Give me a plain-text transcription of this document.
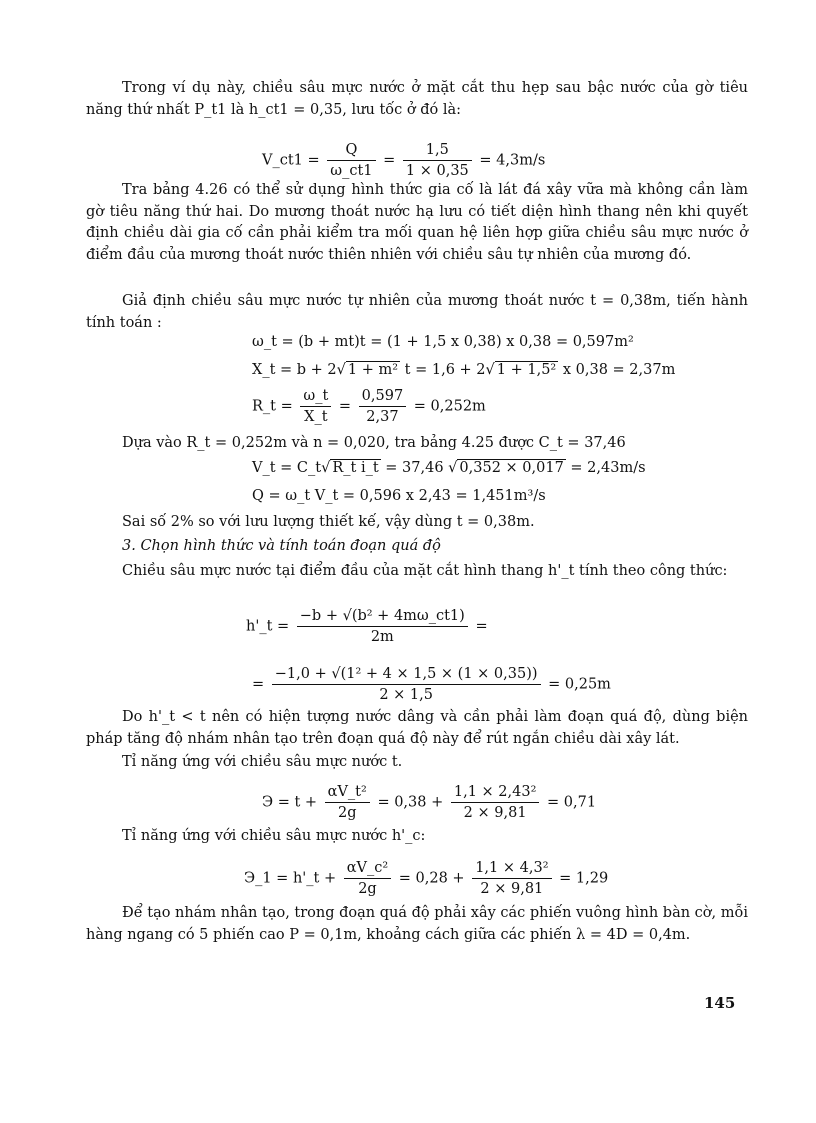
Trong ví dụ này, chiều sâu mực nước ở mặt cắt thu hẹp sau bậc nước của gờ tiêu năng thứ nhất P_t1 là h_ct1 = 0,35, lưu tốc ở đó là:

V_ct1 = $\frac{Q}{\omega\_ct1} = \frac{1,5}{1 \times 0,35} = 4,3m/s$

Tra bảng 4.26 có thể sử dụng hình thức gia cố là lát đá xây vữa mà không cần làm gờ tiêu năng thứ hai. Do mương thoát nước hạ lưu có tiết diện hình thang nên khi quyết định chiều dài gia cố cần phải kiểm tra mối quan hệ liên hợp giữa chiều sâu mực nước ở điểm đầu của mương thoát nước thiên nhiên với chiều sâu tự nhiên của mương đó.

Giả định chiều sâu mực nước tự nhiên của mương thoát nước t = 0,38m, tiến hành tính toán :

ω_t = (b + mt)t = (1 + 1,5 x 0,38) x 0,38 = 0,597m²
X_t = b + 2√ 1 + m² t = 1,6 + 2√ 1 + 1,5² x 0,38 = 2,37m
R_t = $\frac{\omega\_t}{X\_t} = \frac{0,597}{2,37} = 0,252m$

Dựa vào R_t = 0,252m và n = 0,020, tra bảng 4.25 được C_t = 37,46

V_t = C_t√ R_t i_t = 37,46 √ 0,352 × 0,017 = 2,43m/s
Q = ω_t V_t = 0,596 x 2,43 = 1,451m³/s

Sai số 2% so với lưu lượng thiết kế, vậy dùng t = 0,38m.

3. Chọn hình thức và tính toán đoạn quá độ

Chiều sâu mực nước tại điểm đầu của mặt cắt hình thang h'_t tính theo công thức:

h'_t = $\frac{\text{−b + √(b² + 4mω\_ct1)}}{2m}$ =
= $\frac{\text{−1,0 + √(1² + 4 × 1,5 × (1 × 0,35))}}{2 \times 1,5} = 0,25m$

Do h'_t < t nên có hiện tượng nước dâng và cần phải làm đoạn quá độ, dùng biện pháp tăng độ nhám nhân tạo trên đoạn quá độ này để rút ngắn chiều dài xây lát.

Tỉ năng ứng với chiều sâu mực nước t.

$Э = t + \frac{\text{αV\_t²}}{2g} = 0,38 + \frac{\text{1,1 × 2,43²}}{2 \times 9,81} = 0,71$

Tỉ năng ứng với chiều sâu mực nước h'_c:

Э_1 = h'_t + $\frac{\text{αV\_c²}}{2g} = 0,28 + \frac{\text{1,1 × 4,3²}}{2 \times 9,81} = 1,29$

Để tạo nhám nhân tạo, trong đoạn quá độ phải xây các phiến vuông hình bàn cờ, mỗi hàng ngang có 5 phiến cao P = 0,1m, khoảng cách giữa các phiến λ = 4D = 0,4m.

145
